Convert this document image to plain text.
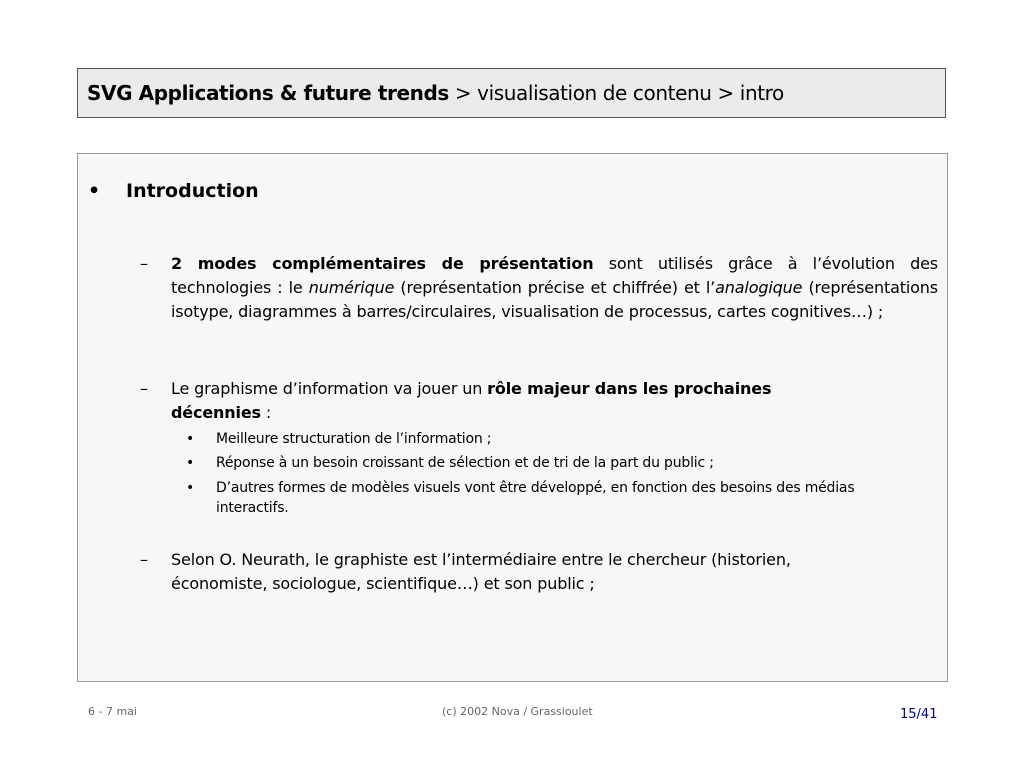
SVG Applications & future trends > visualisation de contenu > intro
•	Introduction
–	2 modes complémentaires de présentation sont utilisés grâce à l’évolution des technologies : le numérique (représentation précise et chiffrée) et l’analogique (représentations isotype, diagrammes à barres/circulaires, visualisation de processus, cartes cognitives…) ;
–	Le graphisme d’information va jouer un rôle majeur dans les prochaines décennies :
•	Meilleure structuration de l’information ;
•	Réponse à un besoin croissant de sélection et de tri de la part du public ;
•	D’autres formes de modèles visuels vont être développé, en fonction des besoins des médias interactifs.
–	Selon O. Neurath, le graphiste est l’intermédiaire entre le chercheur (historien, économiste, sociologue, scientifique…) et son public ;
6 - 7 mai	(c) 2002 Nova / Grassioulet	15/41
